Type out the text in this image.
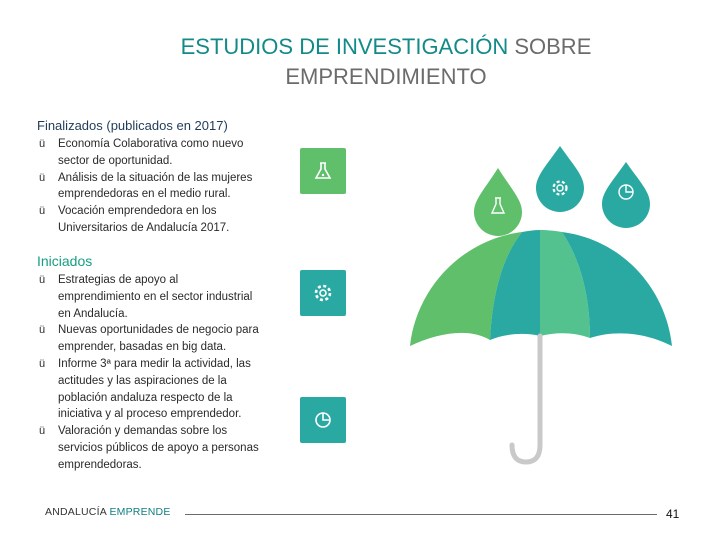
ESTUDIOS DE INVESTIGACIÓN SOBRE
EMPRENDIMIENTO
Finalizados (publicados en 2017)
ü Economía Colaborativa como nuevo
sector de oportunidad.
ü Análisis de la situación de las mujeres
emprendedoras en el medio rural.
ü Vocación emprendedora en los
Universitarios de Andalucía 2017.
Iniciados
ü Estrategias de apoyo al
emprendimiento en el sector industrial
en Andalucía.
ü Nuevas oportunidades de negocio para
emprender, basadas en big data.
ü Informe 3ª para medir la actividad, las
actitudes y las aspiraciones de la
población andaluza respecto de la
iniciativa y al proceso emprendedor.
ü Valoración y demandas sobre los
servicios públicos de apoyo a personas
emprendedoras.
ANDALUCÍA EMPRENDE	41
